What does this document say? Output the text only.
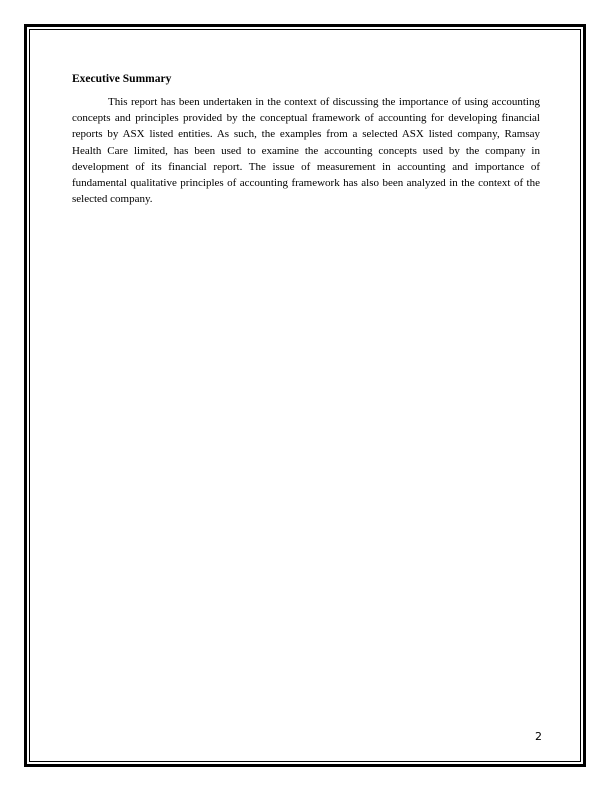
Executive Summary

This report has been undertaken in the context of discussing the importance of using accounting concepts and principles provided by the conceptual framework of accounting for developing financial reports by ASX listed entities. As such, the examples from a selected ASX listed company, Ramsay Health Care limited, has been used to examine the accounting concepts used by the company in development of its financial report. The issue of measurement in accounting and importance of fundamental qualitative principles of accounting framework has also been analyzed in the context of the selected company.

2
